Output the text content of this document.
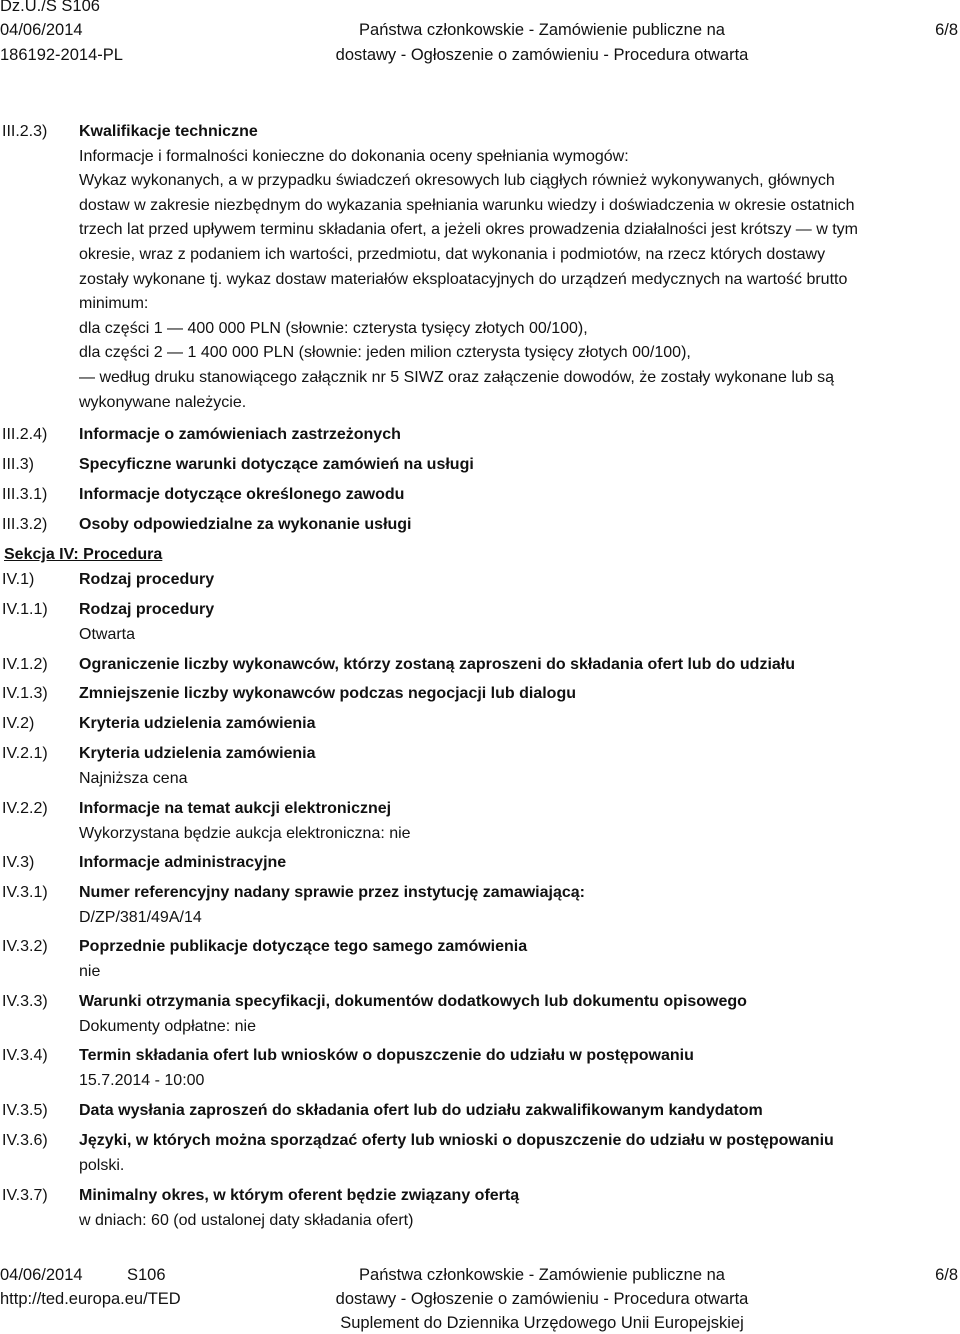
Dz.U./S S106
04/06/2014	Państwa członkowskie - Zamówienie publiczne na	6/8
186192-2014-PL	dostawy - Ogłoszenie o zamówieniu - Procedura otwarta
III.2.3) Kwalifikacje techniczne
Informacje i formalności konieczne do dokonania oceny spełniania wymogów:
Wykaz wykonanych, a w przypadku świadczeń okresowych lub ciągłych również wykonywanych, głównych
dostaw w zakresie niezbędnym do wykazania spełniania warunku wiedzy i doświadczenia w okresie ostatnich
trzech lat przed upływem terminu składania ofert, a jeżeli okres prowadzenia działalności jest krótszy — w tym
okresie, wraz z podaniem ich wartości, przedmiotu, dat wykonania i podmiotów, na rzecz których dostawy
zostały wykonane tj. wykaz dostaw materiałów eksploatacyjnych do urządzeń medycznych na wartość brutto
minimum:
dla części 1 — 400 000 PLN (słownie: czterysta tysięcy złotych 00/100),
dla części 2 — 1 400 000 PLN (słownie: jeden milion czterysta tysięcy złotych 00/100),
— według druku stanowiącego załącznik nr 5 SIWZ oraz załączenie dowodów, że zostały wykonane lub są
wykonywane należycie.
III.2.4) Informacje o zamówieniach zastrzeżonych
III.3)	Specyficzne warunki dotyczące zamówień na usługi
III.3.1) Informacje dotyczące określonego zawodu
III.3.2) Osoby odpowiedzialne za wykonanie usługi
Sekcja IV: Procedura
IV.1)	Rodzaj procedury
IV.1.1) Rodzaj procedury
Otwarta
IV.1.2) Ograniczenie liczby wykonawców, którzy zostaną zaproszeni do składania ofert lub do udziału
IV.1.3) Zmniejszenie liczby wykonawców podczas negocjacji lub dialogu
IV.2)	Kryteria udzielenia zamówienia
IV.2.1) Kryteria udzielenia zamówienia
Najniższa cena
IV.2.2) Informacje na temat aukcji elektronicznej
Wykorzystana będzie aukcja elektroniczna: nie
IV.3)	Informacje administracyjne
IV.3.1) Numer referencyjny nadany sprawie przez instytucję zamawiającą:
D/ZP/381/49A/14
IV.3.2) Poprzednie publikacje dotyczące tego samego zamówienia
nie
IV.3.3) Warunki otrzymania specyfikacji, dokumentów dodatkowych lub dokumentu opisowego
Dokumenty odpłatne: nie
IV.3.4) Termin składania ofert lub wniosków o dopuszczenie do udziału w postępowaniu
15.7.2014 - 10:00
IV.3.5) Data wysłania zaproszeń do składania ofert lub do udziału zakwalifikowanym kandydatom
IV.3.6) Języki, w których można sporządzać oferty lub wnioski o dopuszczenie do udziału w postępowaniu
polski.
IV.3.7) Minimalny okres, w którym oferent będzie związany ofertą
w dniach: 60 (od ustalonej daty składania ofert)
04/06/2014	S106	Państwa członkowskie - Zamówienie publiczne na	6/8
http://ted.europa.eu/TED	dostawy - Ogłoszenie o zamówieniu - Procedura otwarta
Suplement do Dziennika Urzędowego Unii Europejskiej
